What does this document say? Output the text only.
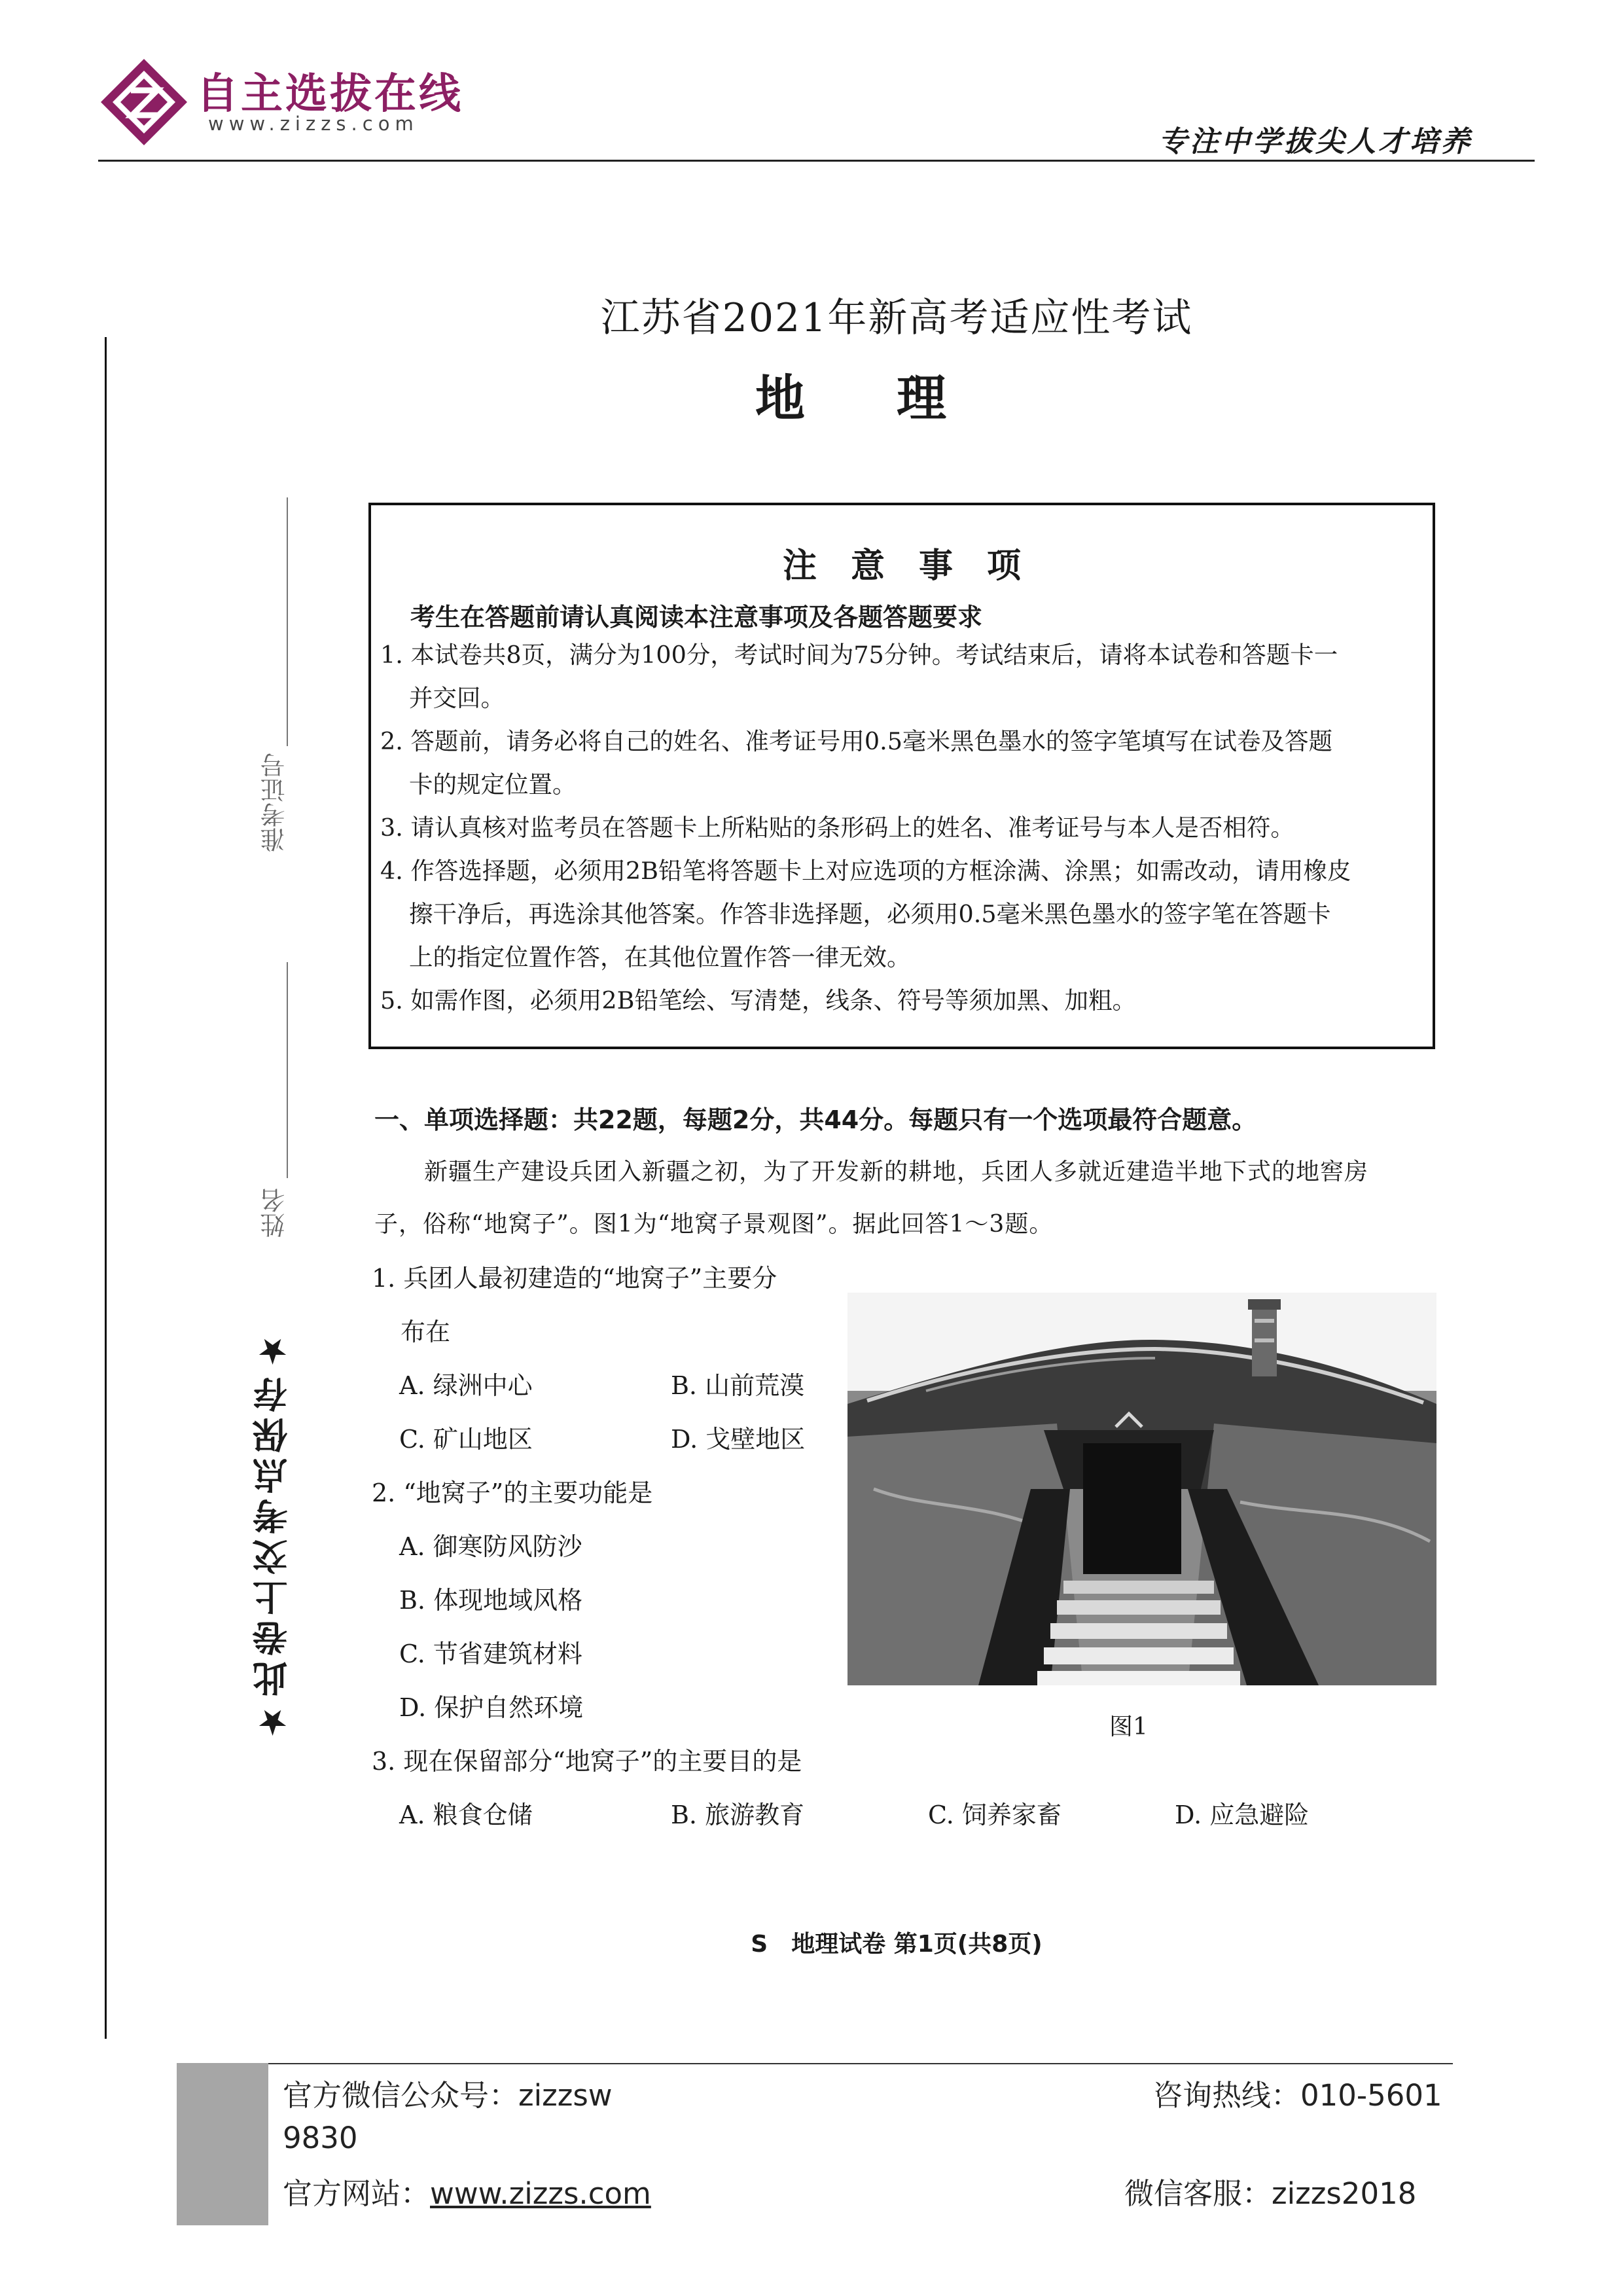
自主选拔在线
www.zizzs.com
专注中学拔尖人才培养
准考证号
姓名
★此卷上交考点保存★
江苏省2021年新高考适应性考试
地理
注意事项
考生在答题前请认真阅读本注意事项及各题答题要求
1. 本试卷共8页，满分为100分，考试时间为75分钟。考试结束后，请将本试卷和答题卡一
并交回。
2. 答题前，请务必将自己的姓名、准考证号用0.5毫米黑色墨水的签字笔填写在试卷及答题
卡的规定位置。
3. 请认真核对监考员在答题卡上所粘贴的条形码上的姓名、准考证号与本人是否相符。
4. 作答选择题，必须用2B铅笔将答题卡上对应选项的方框涂满、涂黑；如需改动，请用橡皮
擦干净后，再选涂其他答案。作答非选择题，必须用0.5毫米黑色墨水的签字笔在答题卡
上的指定位置作答，在其他位置作答一律无效。
5. 如需作图，必须用2B铅笔绘、写清楚，线条、符号等须加黑、加粗。
一、单项选择题：共22题，每题2分，共44分。每题只有一个选项最符合题意。
新疆生产建设兵团入新疆之初，为了开发新的耕地，兵团人多就近建造半地下式的地窖房
子，俗称“地窝子”。图1为“地窝子景观图”。据此回答1～3题。
1. 兵团人最初建造的“地窝子”主要分
布在
A. 绿洲中心	B. 山前荒漠
C. 矿山地区	D. 戈壁地区
2. “地窝子”的主要功能是
A. 御寒防风防沙
B. 体现地域风格
C. 节省建筑材料
D. 保护自然环境
3. 现在保留部分“地窝子”的主要目的是
A. 粮食仓储	B. 旅游教育	C. 饲养家畜	D. 应急避险
图1
S　地理试卷 第1页(共8页)
官方微信公众号：zizzsw
9830
官方网站：www.zizzs.com
咨询热线：010-5601
微信客服：zizzs2018
